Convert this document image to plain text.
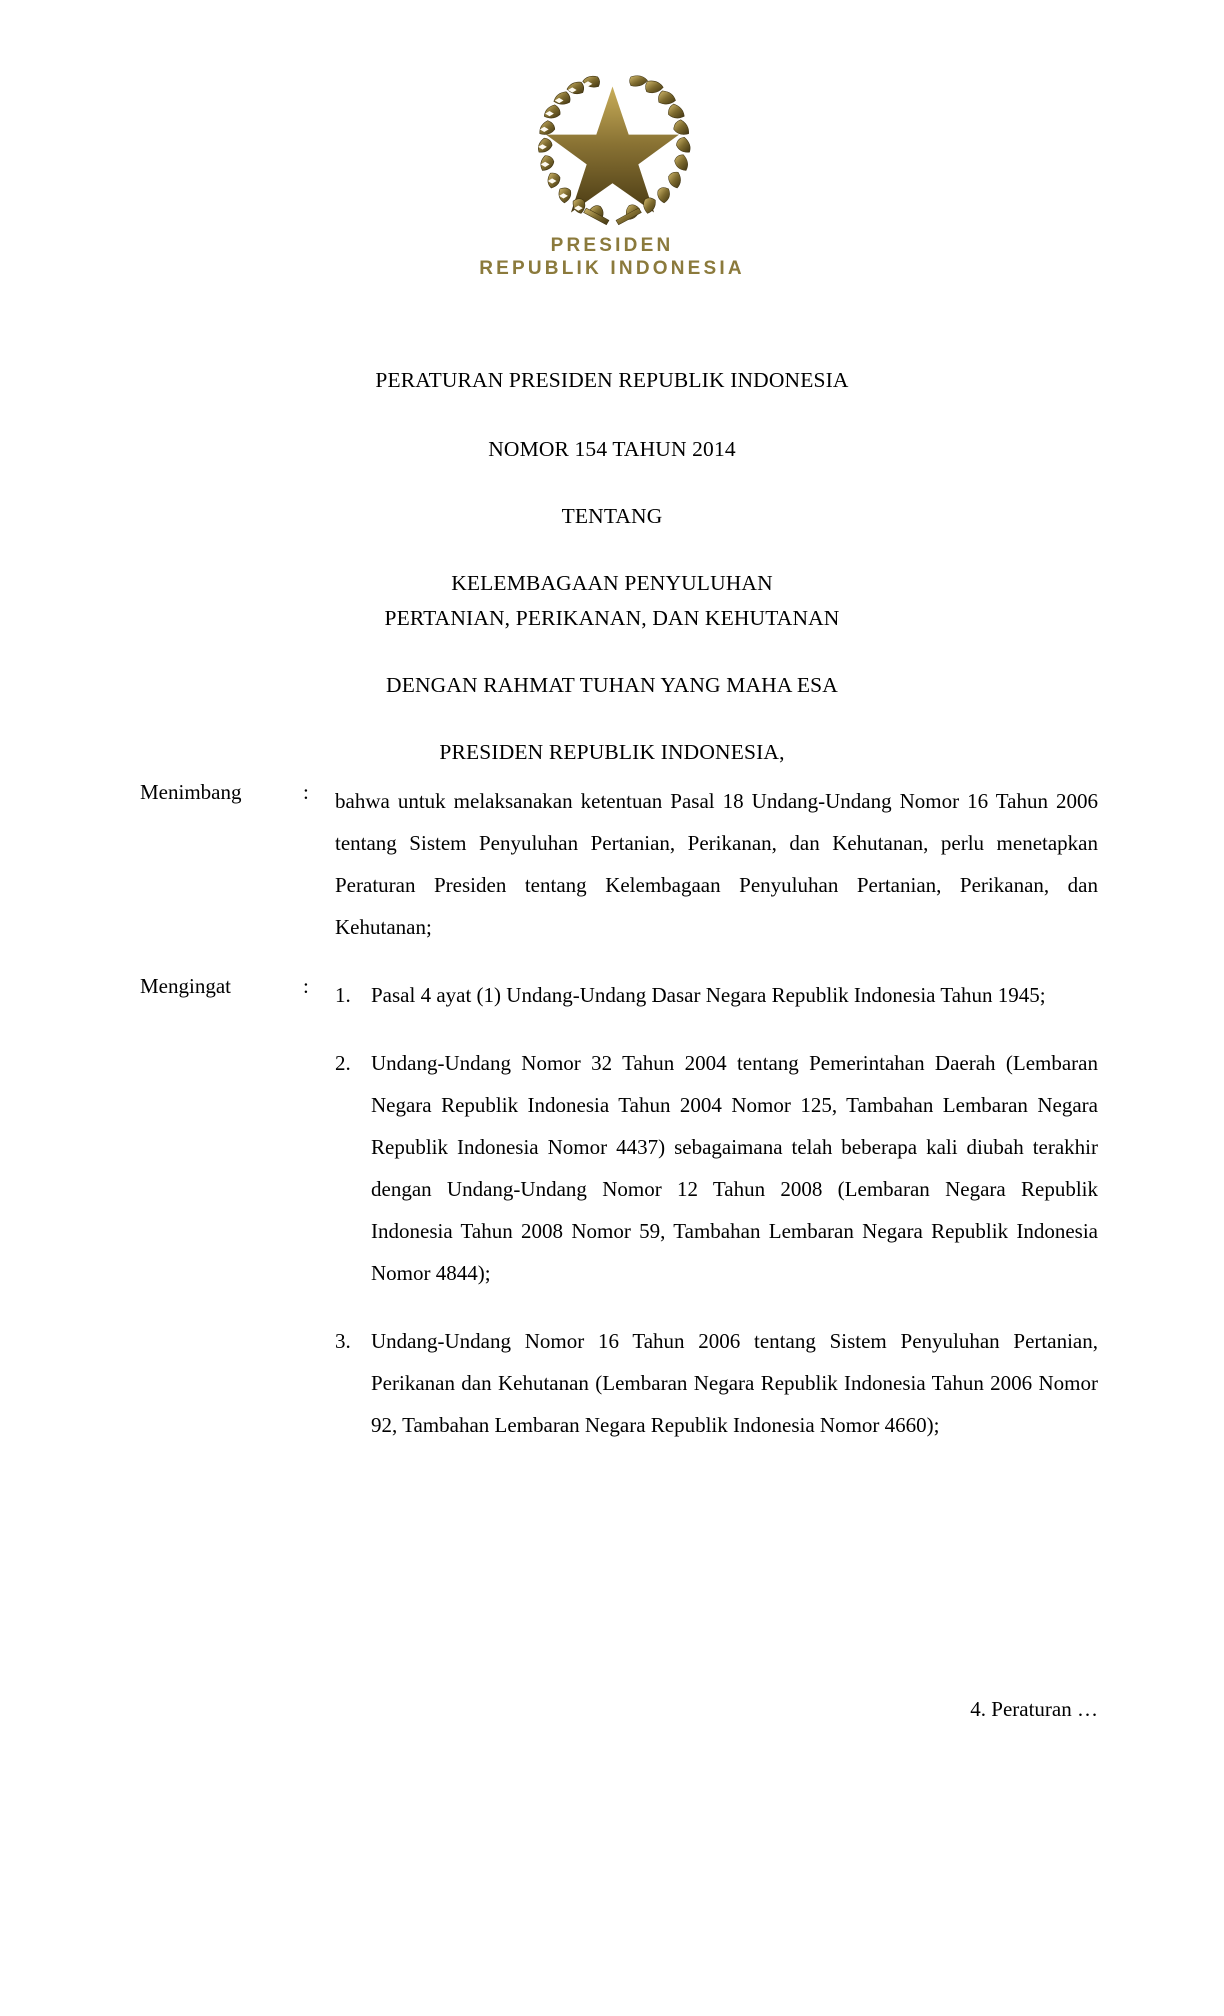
PRESIDEN
REPUBLIK INDONESIA
PERATURAN PRESIDEN REPUBLIK INDONESIA
NOMOR 154 TAHUN 2014
TENTANG
KELEMBAGAAN PENYULUHAN
PERTANIAN, PERIKANAN, DAN KEHUTANAN
DENGAN RAHMAT TUHAN YANG MAHA ESA
PRESIDEN REPUBLIK INDONESIA,
Menimbang	: bahwa untuk melaksanakan ketentuan Pasal 18 Undang-Undang Nomor 16 Tahun 2006 tentang Sistem Penyuluhan Pertanian, Perikanan, dan Kehutanan, perlu menetapkan Peraturan Presiden tentang Kelembagaan Penyuluhan Pertanian, Perikanan, dan Kehutanan;

Mengingat	: 1. Pasal 4 ayat (1) Undang-Undang Dasar Negara Republik Indonesia Tahun 1945;
2. Undang-Undang Nomor 32 Tahun 2004 tentang Pemerintahan Daerah (Lembaran Negara Republik Indonesia Tahun 2004 Nomor 125, Tambahan Lembaran Negara Republik Indonesia Nomor 4437) sebagaimana telah beberapa kali diubah terakhir dengan Undang-Undang Nomor 12 Tahun 2008 (Lembaran Negara Republik Indonesia Tahun 2008 Nomor 59, Tambahan Lembaran Negara Republik Indonesia Nomor 4844);
3. Undang-Undang Nomor 16 Tahun 2006 tentang Sistem Penyuluhan Pertanian, Perikanan dan Kehutanan (Lembaran Negara Republik Indonesia Tahun 2006 Nomor 92, Tambahan Lembaran Negara Republik Indonesia Nomor 4660);
4. Peraturan …
